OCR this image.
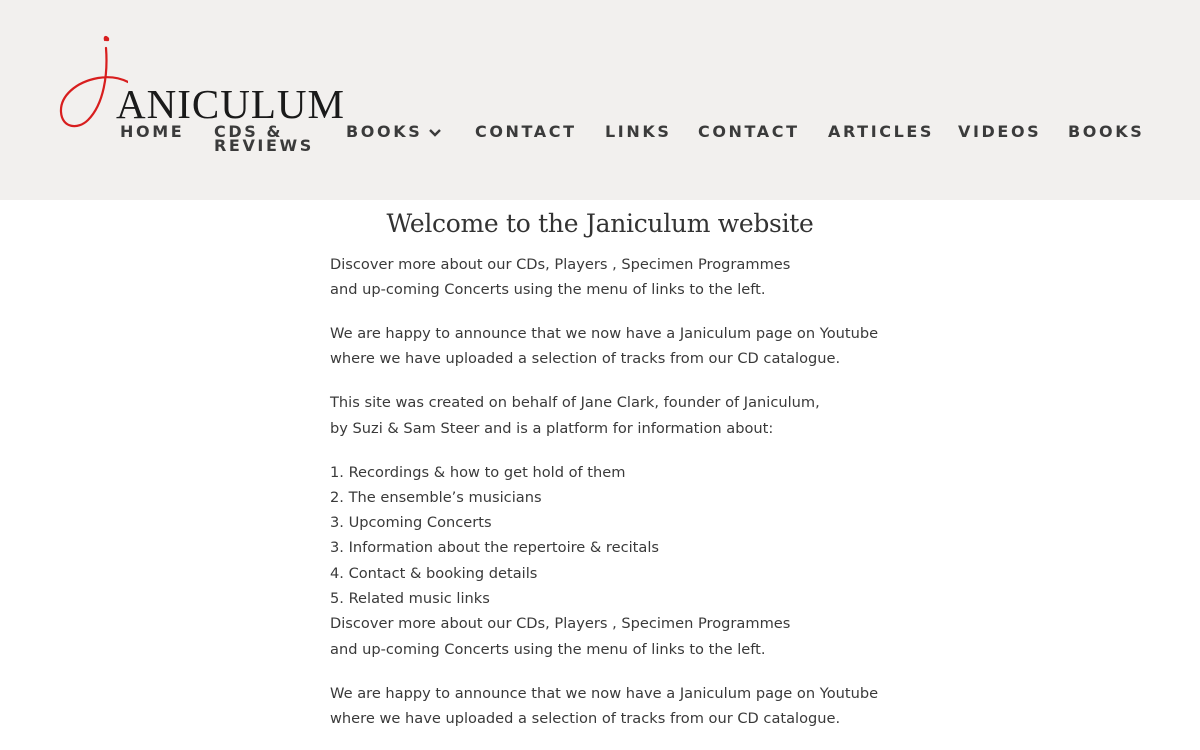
ANICULUM
HOME CDS &
REVIEWS
BOOKS	CONTACT LINKS CONTACT ARTICLES VIDEOS BOOKS
Welcome to the Janiculum website

Discover more about our CDs, Players , Specimen Programmes
and up-coming Concerts using the menu of links to the left.

We are happy to announce that we now have a Janiculum page on Youtube
where we have uploaded a selection of tracks from our CD catalogue.

This site was created on behalf of Jane Clark, founder of Janiculum,
by Suzi & Sam Steer and is a platform for information about:

1. Recordings & how to get hold of them
2. The ensemble’s musicians
3. Upcoming Concerts
3. Information about the repertoire & recitals
4. Contact & booking details
5. Related music links
Discover more about our CDs, Players , Specimen Programmes
and up-coming Concerts using the menu of links to the left.

We are happy to announce that we now have a Janiculum page on Youtube
where we have uploaded a selection of tracks from our CD catalogue.
